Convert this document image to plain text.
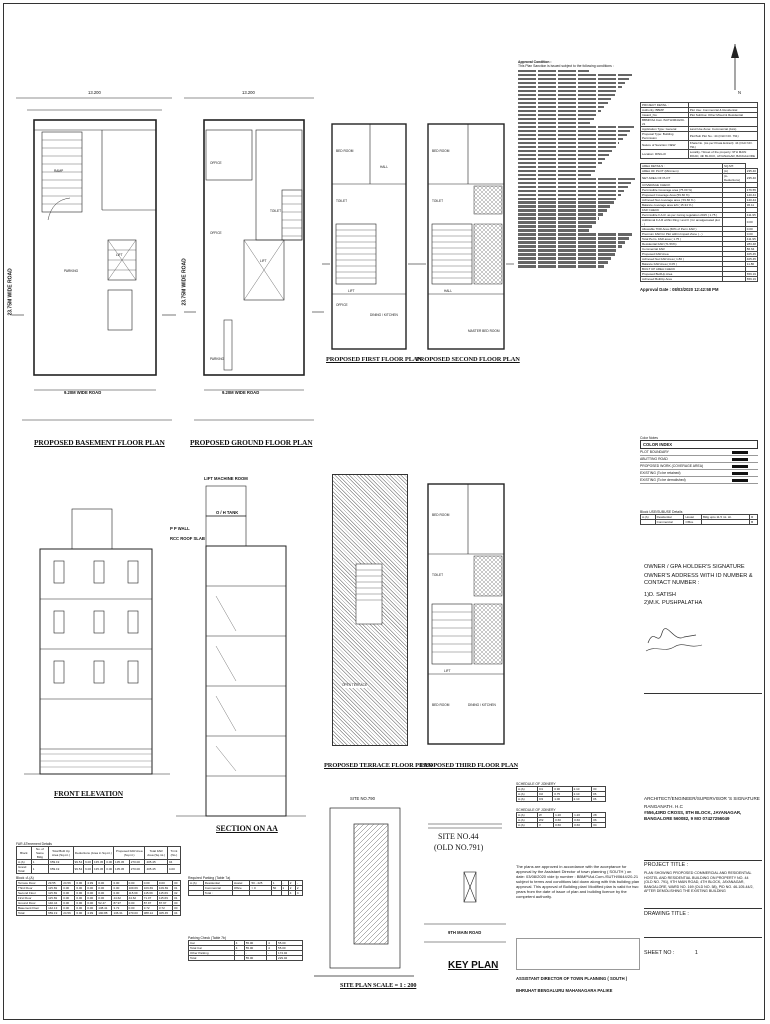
13.200
PARKING
LIFT
RAMP
23.75M WIDE ROAD
9.20M WIDE ROAD
PROPOSED BASEMENT FLOOR PLAN
13.200
OFFICE
OFFICE
LIFT
TOILET
PARKING
23.75M WIDE ROAD
9.20M WIDE ROAD
PROPOSED GROUND FLOOR PLAN
BED ROOM
HALL
TOILET
LIFT
OFFICE
DINING / KITCHEN
PROPOSED FIRST FLOOR PLAN
BED ROOM
TOILET
HALL
MASTER BED ROOM
PROPOSED SECOND FLOOR PLAN
FRONT ELEVATION
LIFT MACHINE ROOM
O / H TANK
P P WALL
RCC ROOF SLAB
SECTION ON AA
OPEN TERRACE
PROPOSED TERRACE FLOOR PLAN
BED ROOM
TOILET
LIFT
BED ROOM	DINING / KITCHEN
PROPOSED THIRD FLOOR PLAN
SITE NO.790
SITE PLAN SCALE = 1 : 200
SITE NO.44
(OLD NO.791)
9TH MAIN ROAD
KEY PLAN
FAR &Tenement Details
Block	No. of Same Bldg	Total Built Up Area (Sq.mt.)	Deductions (Area in Sq.mt.)				Proposed FAR Area (Sq.mt.)		Total FAR Area (Sq.mt.)	Tnmt (No.)
A (A)	1	659.19	99.54	6.00	135.45	0.00	135.45	270.00	405.45	04
Grand Total:	1	659.19	99.54	6.00	135.45	0.00	135.45	270.00	405.45	4.00
Block :A (A)
Terrace Floor	29.55	24.56	0.00	4.99	0.00	0.00	0.00	0.00	0.00	00
Third Floor	115.69	0.00	6.00	0.00	0.00	0.00	109.69	109.69	109.69	01
Second Floor	115.69	0.00	0.00	0.00	0.00	0.00	115.69	115.69	115.69	02
First Floor	115.69	0.00	0.00	0.00	0.00	44.62	44.62	71.07	115.69	01
Ground Floor	140.44	0.00	0.00	0.00	52.47	87.97	0.00	87.97	87.97	00
Basement Floor	142.13	0.00	0.00	0.00	138.41	3.72	0.00	3.72	3.72	00
Total:	659.19	24.56	6.00	4.99	190.88	136.31	270.00	388.14	405.45	04
Required Parking (Table 7a)
A (A)	Residential	Hostel	50 - 225	1	-	2	-
	Commercial	Office	> 0	50	1	2	2
	Total :					4	4
Parking Check (Table 7b)
Car	4	55.00	4	55.00
Total Car	4	55.00	4	55.00
Other Parking	-	-	-	174.02
Total		55.00		229.02
Approval Condition :
This Plan Sanction is issued subject to the following conditions :
PROJECT DETAIL :	
Authority: BBMP	Plot Use: Commercial & Residential
Inward_No:	Plot SubUse: Other Mixed & Residential
BBMP/Ad.Com./SUTH/0644/20-21	
Application Type: General	Land Use Zone: Commercial (Axis)
Proposal Type: Building Permission	Plot/Sub Plot No.: 44 (OLD NO. 791)
Nature of Sanction: NEW	Khata No. (As per Khata Extract): 44 (OLD NO. 791)
Location: RING-III	Locality / Street of the property: 9TH MAIN ROAD, 4th BLOCK, JAYANAGAR, BANGALORE
AREA DETAILS :	SQ.MT.	
AREA OF PLOT (Minimum)	(A)	235.40
NET AREA OF PLOT	(A-Deductions)	235.40
COVERAGE CHECK		
Permissible Coverage area (75.00 %)		176.55
Proposed Coverage Area (59.66 %)		140.44
Achieved Net coverage area ( 59.66 % )		140.44
Balance coverage area left ( 15.34 % )		36.11
FAR CHECK		
Permissible F.A.R. as per zoning regulation 2015 ( 1.75 )		411.95
Additional F.A.R within Ring I and II ( for amalgamated plot - )		0.00
Allowable TDR Area (60% of Perm.FAR )		0.00
Premium FAR for Plot within Impact Zone ( - )		0.00
Total Perm. FAR area ( 1.75 )		411.95
Residential FAR (71.56%)		283.48
Commercial FAR		86.64
Proposed FAR Area		405.45
Achieved Net FAR Area ( 1.80 )		405.45
Balance FAR Area ( 0.05 )		11.86
BUILT UP AREA CHECK		
Proposed BuiltUp Area		659.19
Achieved BuiltUp Area		659.19
Approval Date : 08/03/2020 12:42:58 PM
Color Notes
COLOR INDEX
PLOT BOUNDARY
ABUTTING ROAD
PROPOSED WORK (COVERAGE AREA)
EXISTING (To be retained)
EXISTING (To be demolished)
Block USE/SUBUSE Details
A (A)	Residential	Hostel	Bldg upto 11.5 mt. Ht.	R
	Commercial	Office		B
OWNER / GPA HOLDER'S SIGNATURE
OWNER'S ADDRESS WITH ID NUMBER & CONTACT NUMBER :
1)D. SATISH
2)M.K. PUSHPALATHA
ARCHITECT/ENGINEER/SUPERVISOR 'S SIGNATURE
RANGANATH. H.C
#556,43RD CROSS, 8TH BLOCK, JAYANAGAR,
BANGALORE 560082, 9 MO 07427256049
PROJECT TITLE :
PLAN SHOWING PROPOSED COMMERCIAL AND RESIDENTIAL HOSTEL AND RESIDENTIAL BUILDING ON PROPERTY NO. 44 (OLD NO. 791), 9TH MAIN ROAD, 4TH BLOCK, JAYANAGAR, BANGALORE, WARD NO. 169 (OLD NO. 58), PID NO. 46-105-44/2, AFTER DEMOLISHING THE EXISTING BUILDING
DRAWING TITLE :
SHEET NO :	1
The plans are approved in accordance with the acceptance for approval by the Assistant Director of town planning ( SOUTH ) on date: 03/08/2020 vide lp number : BBMP/Ad.Com./SUTH/0644/20-21 subject to terms and conditions laid down along with this building plan approval. This approval of Building plan/ Modified plan is valid for two years from the date of issue of plan and building licence by the competent authority.
ASSISTANT DIRECTOR OF TOWN PLANNING ( SOUTH )
BHRUHAT BENGALURU MAHANAGARA PALIKE
SCHEDULE OF JOINERY
A (A)	D1	0.90	2.10	30
A (A)	D2	0.75	2.10	06
A (A)	D3	1.00	2.10	06
SCHEDULE OF JOINERY
A (A)	W	1.20	1.20	28
A (A)	W2	0.60	0.60	06
A (A)	V	0.60	0.60	04
N
